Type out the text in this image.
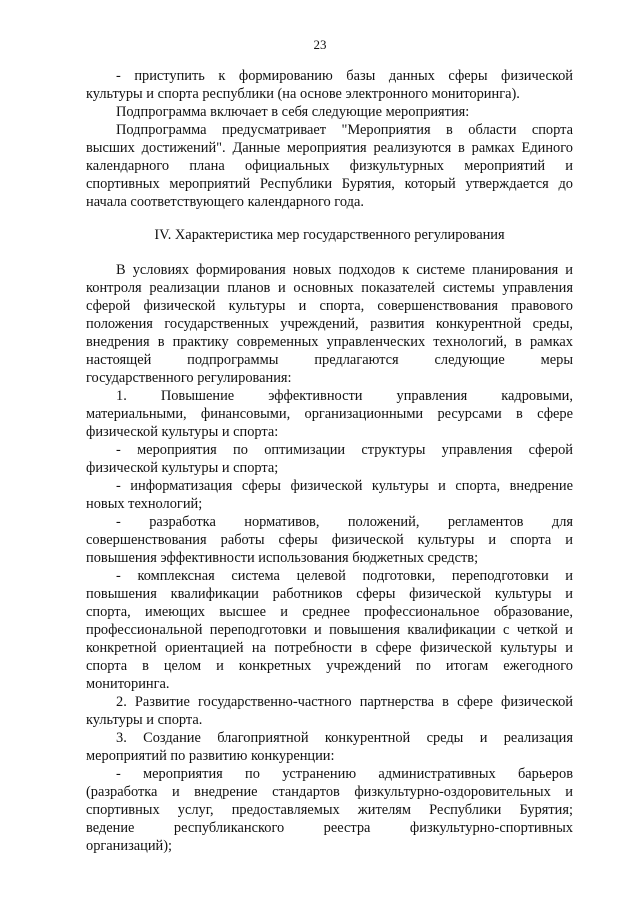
23
- приступить к формированию базы данных сферы физической
культуры и спорта республики (на основе электронного мониторинга).
Подпрограмма включает в себя следующие мероприятия:
Подпрограмма предусматривает "Мероприятия в области спорта
высших достижений". Данные мероприятия реализуются в рамках Единого
календарного плана официальных физкультурных мероприятий и
спортивных мероприятий Республики Бурятия, который утверждается до
начала соответствующего календарного года.
IV. Характеристика мер государственного регулирования
В условиях формирования новых подходов к системе планирования и
контроля реализации планов и основных показателей системы управления
сферой физической культуры и спорта, совершенствования правового
положения государственных учреждений, развития конкурентной среды,
внедрения в практику современных управленческих технологий, в рамках
настоящей подпрограммы предлагаются следующие меры
государственного регулирования:
1. Повышение эффективности управления кадровыми,
материальными, финансовыми, организационными ресурсами в сфере
физической культуры и спорта:
- мероприятия по оптимизации структуры управления сферой
физической культуры и спорта;
- информатизация сферы физической культуры и спорта, внедрение
новых технологий;
- разработка нормативов, положений, регламентов для
совершенствования работы сферы физической культуры и спорта и
повышения эффективности использования бюджетных средств;
- комплексная система целевой подготовки, переподготовки и
повышения квалификации работников сферы физической культуры и
спорта, имеющих высшее и среднее профессиональное образование,
профессиональной переподготовки и повышения квалификации с четкой и
конкретной ориентацией на потребности в сфере физической культуры и
спорта в целом и конкретных учреждений по итогам ежегодного
мониторинга.
2. Развитие государственно-частного партнерства в сфере физической
культуры и спорта.
3. Создание благоприятной конкурентной среды и реализация
мероприятий по развитию конкуренции:
- мероприятия по устранению административных барьеров
(разработка и внедрение стандартов физкультурно-оздоровительных и
спортивных услуг, предоставляемых жителям Республики Бурятия;
ведение республиканского реестра физкультурно-спортивных
организаций);
